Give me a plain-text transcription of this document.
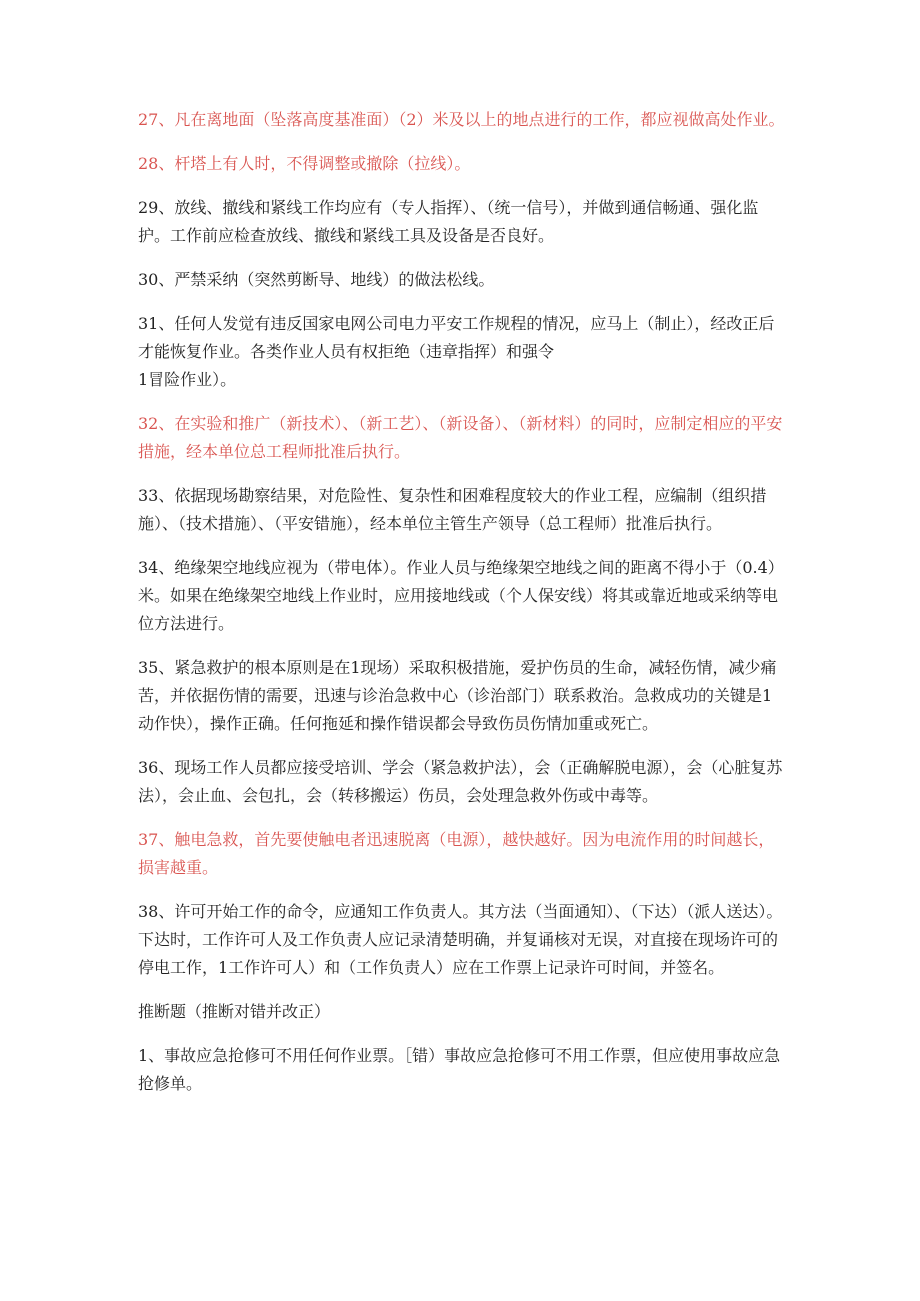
27、凡在离地面（坠落高度基准面）（2）米及以上的地点进行的工作，都应视做高处作业。

28、杆塔上有人时，不得调整或撤除（拉线）。

29、放线、撤线和紧线工作均应有（专人指挥）、（统一信号），并做到通信畅通、强化监护。工作前应检查放线、撤线和紧线工具及设备是否良好。

30、严禁采纳（突然剪断导、地线）的做法松线。

31、任何人发觉有违反国家电网公司电力平安工作规程的情况，应马上（制止），经改正后才能恢复作业。各类作业人员有权拒绝（违章指挥）和强令
1冒险作业）。

32、在实验和推广（新技术）、（新工艺）、（新设备）、（新材料）的同时，应制定相应的平安措施，经本单位总工程师批准后执行。

33、依据现场勘察结果，对危险性、复杂性和困难程度较大的作业工程，应编制（组织措施）、（技术措施）、（平安错施），经本单位主管生产领导（总工程师）批准后执行。

34、绝缘架空地线应视为（带电体）。作业人员与绝缘架空地线之间的距离不得小于（0.4）米。如果在绝缘架空地线上作业时，应用接地线或（个人保安线）将其或靠近地或采纳等电位方法进行。

35、紧急救护的根本原则是在1现场）采取积极措施，爱护伤员的生命，减轻伤情，减少痛苦，并依据伤情的需要，迅速与诊治急救中心（诊治部门）联系救治。急救成功的关键是1动作快），操作正确。任何拖延和操作错误都会导致伤员伤情加重或死亡。

36、现场工作人员都应接受培训、学会（紧急救护法），会（正确解脱电源），会（心脏复苏法），会止血、会包扎，会（转移搬运）伤员，会处理急救外伤或中毒等。

37、触电急救，首先要使触电者迅速脱离（电源），越快越好。因为电流作用的时间越长，损害越重。

38、许可开始工作的命令，应通知工作负责人。其方法（当面通知）、（下达）（派人送达）。下达时，工作许可人及工作负责人应记录清楚明确，并复诵核对无误，对直接在现场许可的停电工作，1工作许可人）和（工作负责人）应在工作票上记录许可时间，并签名。

推断题（推断对错并改正）

1、事故应急抢修可不用任何作业票。［错）事故应急抢修可不用工作票，但应使用事故应急抢修单。
